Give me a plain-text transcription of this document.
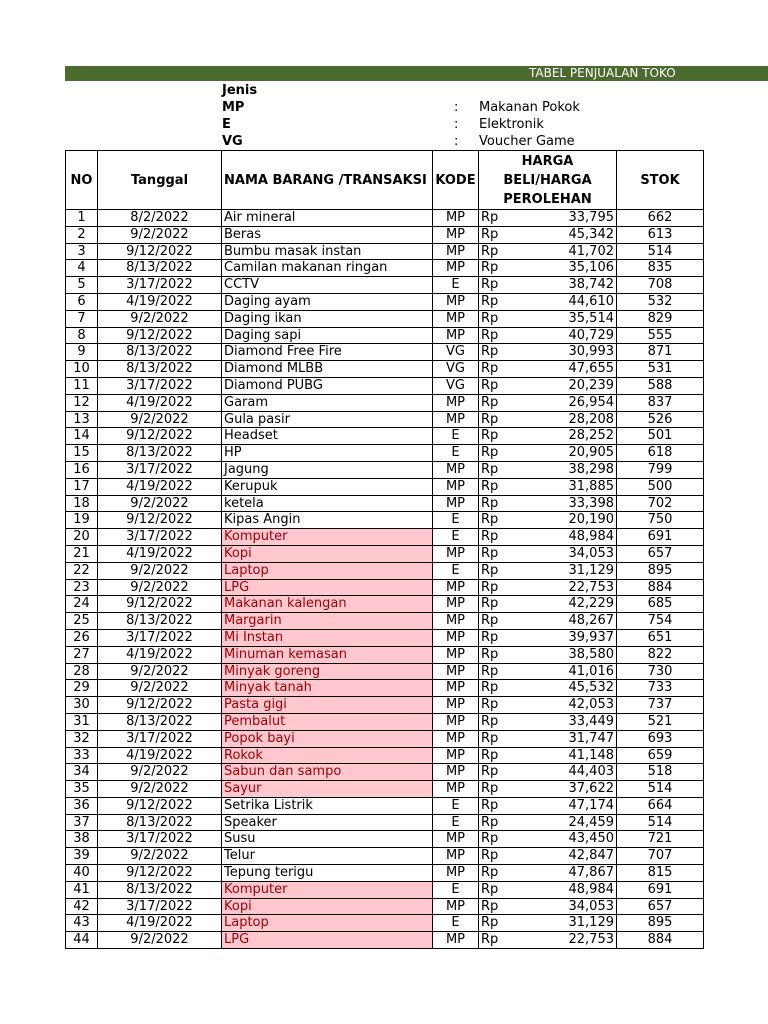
TABEL PENJUALAN TOKO
Jenis
MP	: Makanan Pokok
E	: Elektronik
VG	: Voucher Game
NO	Tanggal	NAMA BARANG /TRANSAKSI	KODE	HARGA BELI/HARGA PEROLEHAN		STOK
1	8/2/2022	Air mineral	MP	Rp	33,795	662
2	9/2/2022	Beras	MP	Rp	45,342	613
3	9/12/2022	Bumbu masak instan	MP	Rp	41,702	514
4	8/13/2022	Camilan makanan ringan	MP	Rp	35,106	835
5	3/17/2022	CCTV	E	Rp	38,742	708
6	4/19/2022	Daging ayam	MP	Rp	44,610	532
7	9/2/2022	Daging ikan	MP	Rp	35,514	829
8	9/12/2022	Daging sapi	MP	Rp	40,729	555
9	8/13/2022	Diamond Free Fire	VG	Rp	30,993	871
10	8/13/2022	Diamond MLBB	VG	Rp	47,655	531
11	3/17/2022	Diamond PUBG	VG	Rp	20,239	588
12	4/19/2022	Garam	MP	Rp	26,954	837
13	9/2/2022	Gula pasir	MP	Rp	28,208	526
14	9/12/2022	Headset	E	Rp	28,252	501
15	8/13/2022	HP	E	Rp	20,905	618
16	3/17/2022	Jagung	MP	Rp	38,298	799
17	4/19/2022	Kerupuk	MP	Rp	31,885	500
18	9/2/2022	ketela	MP	Rp	33,398	702
19	9/12/2022	Kipas Angin	E	Rp	20,190	750
20	3/17/2022	Komputer	E	Rp	48,984	691
21	4/19/2022	Kopi	MP	Rp	34,053	657
22	9/2/2022	Laptop	E	Rp	31,129	895
23	9/2/2022	LPG	MP	Rp	22,753	884
24	9/12/2022	Makanan kalengan	MP	Rp	42,229	685
25	8/13/2022	Margarin	MP	Rp	48,267	754
26	3/17/2022	Mi Instan	MP	Rp	39,937	651
27	4/19/2022	Minuman kemasan	MP	Rp	38,580	822
28	9/2/2022	Minyak goreng	MP	Rp	41,016	730
29	9/2/2022	Minyak tanah	MP	Rp	45,532	733
30	9/12/2022	Pasta gigi	MP	Rp	42,053	737
31	8/13/2022	Pembalut	MP	Rp	33,449	521
32	3/17/2022	Popok bayi	MP	Rp	31,747	693
33	4/19/2022	Rokok	MP	Rp	41,148	659
34	9/2/2022	Sabun dan sampo	MP	Rp	44,403	518
35	9/2/2022	Sayur	MP	Rp	37,622	514
36	9/12/2022	Setrika Listrik	E	Rp	47,174	664
37	8/13/2022	Speaker	E	Rp	24,459	514
38	3/17/2022	Susu	MP	Rp	43,450	721
39	9/2/2022	Telur	MP	Rp	42,847	707
40	9/12/2022	Tepung terigu	MP	Rp	47,867	815
41	8/13/2022	Komputer	E	Rp	48,984	691
42	3/17/2022	Kopi	MP	Rp	34,053	657
43	4/19/2022	Laptop	E	Rp	31,129	895
44	9/2/2022	LPG	MP	Rp	22,753	884
